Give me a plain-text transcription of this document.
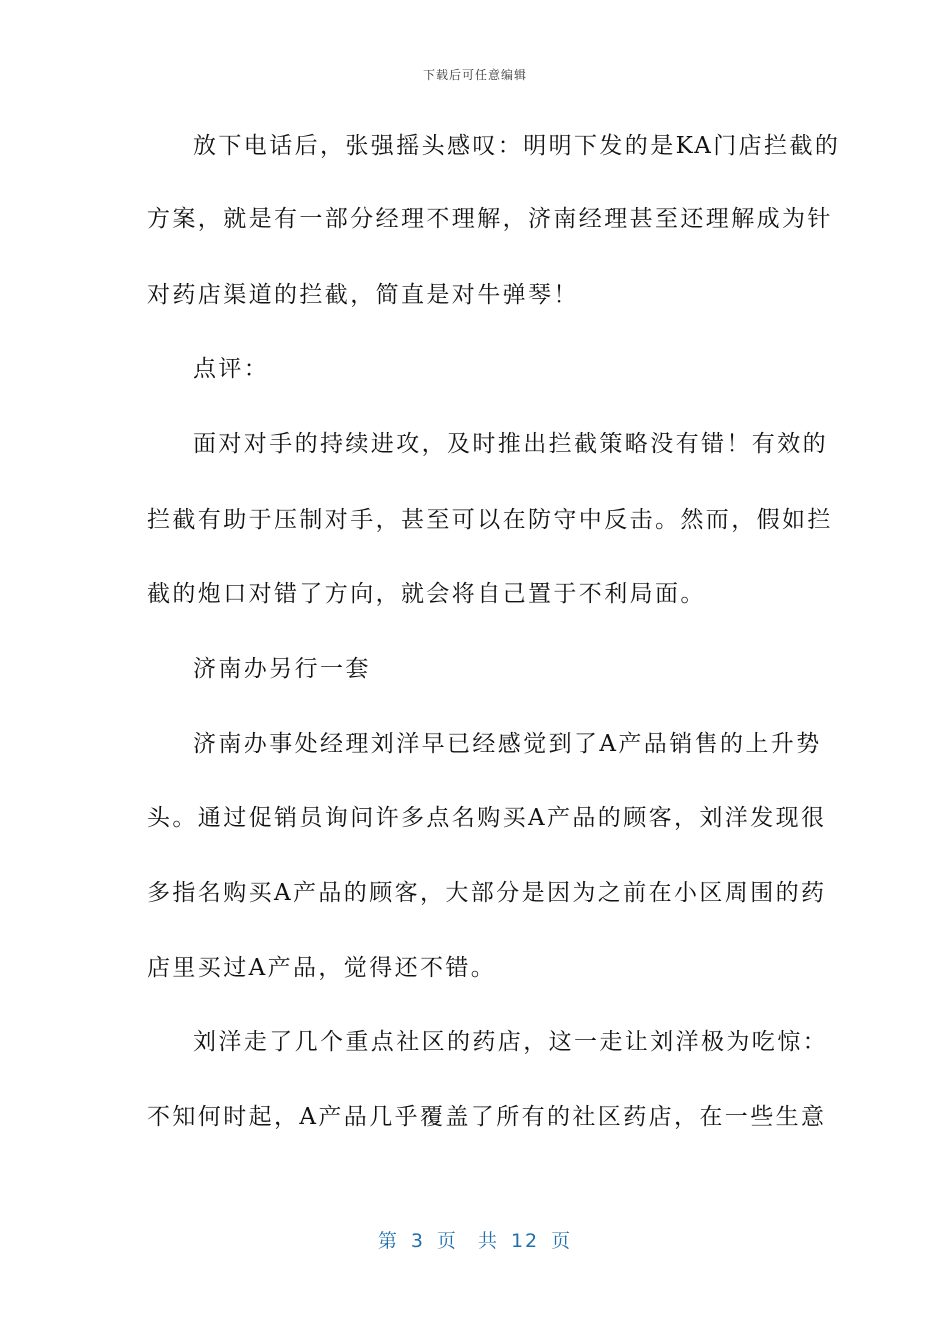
下载后可任意编辑
放下电话后，张强摇头感叹：明明下发的是KA门店拦截的
方案，就是有一部分经理不理解，济南经理甚至还理解成为针
对药店渠道的拦截，简直是对牛弹琴！
点评：
面对对手的持续进攻，及时推出拦截策略没有错！有效的
拦截有助于压制对手，甚至可以在防守中反击。然而，假如拦
截的炮口对错了方向，就会将自己置于不利局面。
济南办另行一套
济南办事处经理刘洋早已经感觉到了A产品销售的上升势
头。通过促销员询问许多点名购买A产品的顾客，刘洋发现很
多指名购买A产品的顾客，大部分是因为之前在小区周围的药
店里买过A产品，觉得还不错。
刘洋走了几个重点社区的药店，这一走让刘洋极为吃惊：
不知何时起，A产品几乎覆盖了所有的社区药店，在一些生意
第 3 页 共 12 页
